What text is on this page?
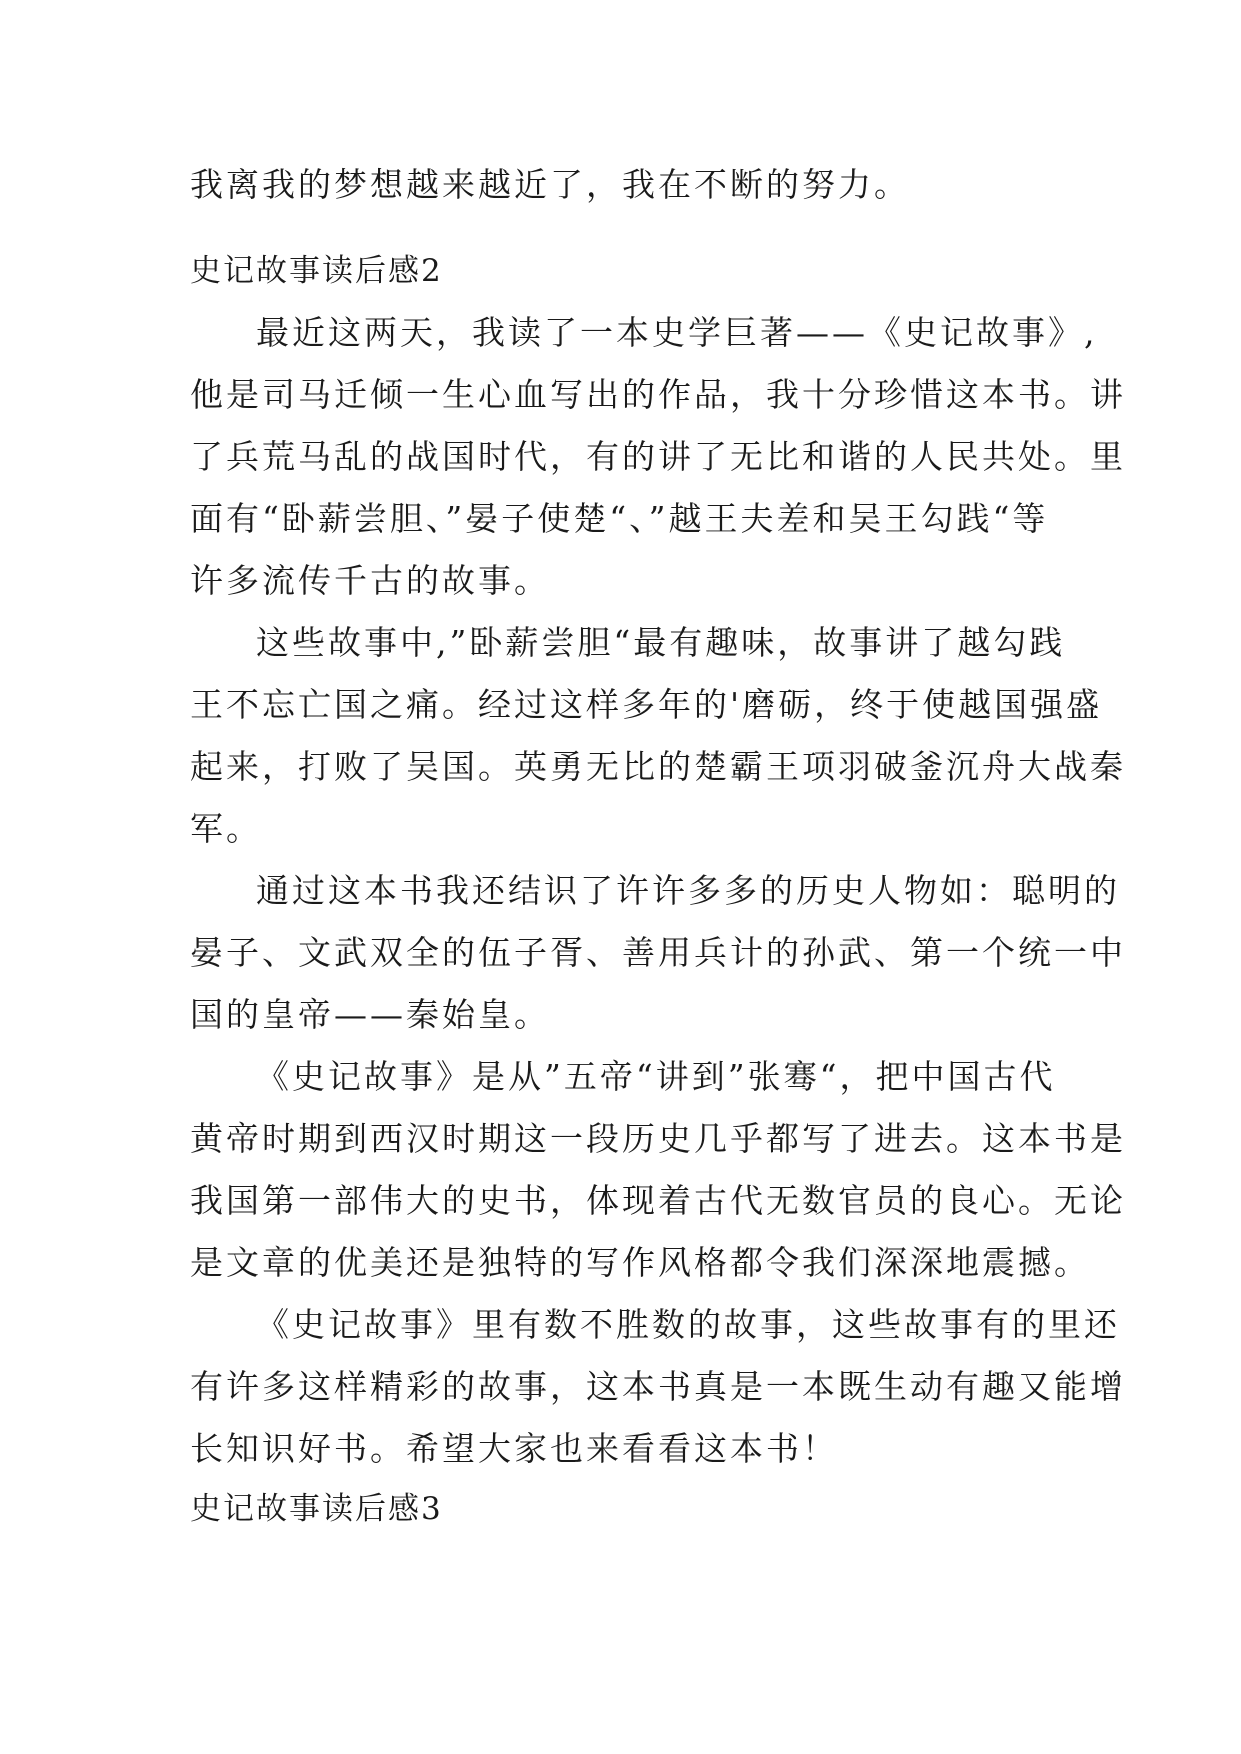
我离我的梦想越来越近了，我在不断的努力。
史记故事读后感2
最近这两天，我读了一本史学巨著——《史记故事》,
他是司马迁倾一生心血写出的作品，我十分珍惜这本书。讲
了兵荒马乱的战国时代，有的讲了无比和谐的人民共处。里
面有“卧薪尝胆、”晏子使楚“、”越王夫差和吴王勾践“等
许多流传千古的故事。
这些故事中,”卧薪尝胆“最有趣味，故事讲了越勾践
王不忘亡国之痛。经过这样多年的'磨砺，终于使越国强盛
起来，打败了吴国。英勇无比的楚霸王项羽破釜沉舟大战秦
军。
通过这本书我还结识了许许多多的历史人物如：聪明的
晏子、文武双全的伍子胥、善用兵计的孙武、第一个统一中
国的皇帝——秦始皇。
《史记故事》是从”五帝“讲到”张骞“，把中国古代
黄帝时期到西汉时期这一段历史几乎都写了进去。这本书是
我国第一部伟大的史书，体现着古代无数官员的良心。无论
是文章的优美还是独特的写作风格都令我们深深地震撼。
《史记故事》里有数不胜数的故事，这些故事有的里还
有许多这样精彩的故事，这本书真是一本既生动有趣又能增
长知识好书。希望大家也来看看这本书！
史记故事读后感3
